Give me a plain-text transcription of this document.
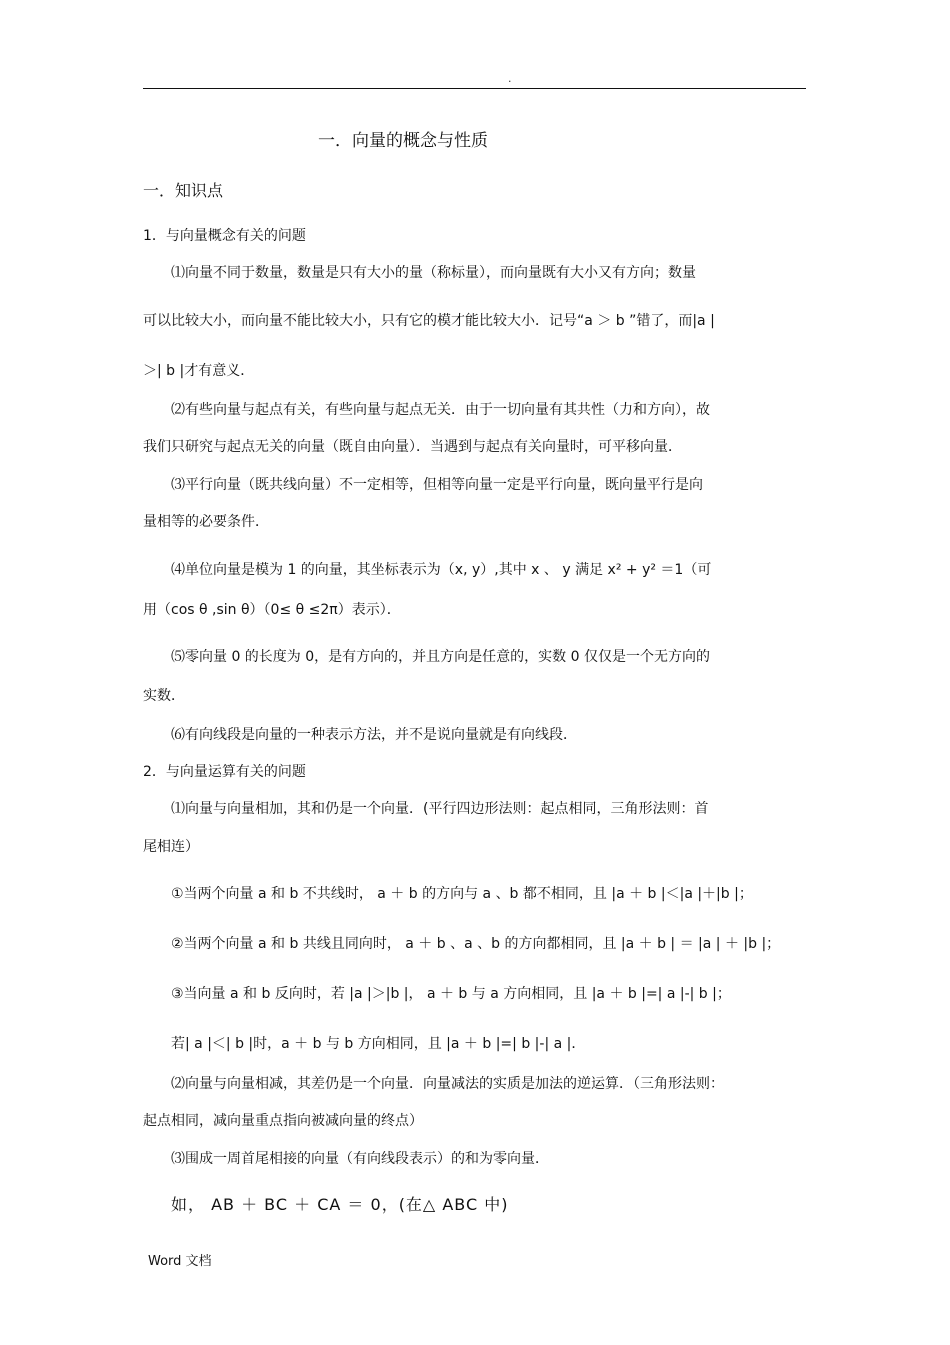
.
一．向量的概念与性质
一．知识点
1．与向量概念有关的问题
⑴向量不同于数量，数量是只有大小的量（称标量），而向量既有大小又有方向；数量
可以比较大小，而向量不能比较大小，只有它的模才能比较大小．记号“a ＞ b ”错了，而|a |
＞| b |才有意义．
⑵有些向量与起点有关，有些向量与起点无关．由于一切向量有其共性（力和方向），故
我们只研究与起点无关的向量（既自由向量）．当遇到与起点有关向量时，可平移向量．
⑶平行向量（既共线向量）不一定相等，但相等向量一定是平行向量，既向量平行是向
量相等的必要条件．
⑷单位向量是模为 1 的向量，其坐标表示为（x, y）,其中 x 、 y 满足 x² + y² ＝1（可
用（cos θ ,sin θ）（0≤ θ ≤2π）表示）．
⑸零向量 0 的长度为 0，是有方向的，并且方向是任意的，实数 0 仅仅是一个无方向的
实数．
⑹有向线段是向量的一种表示方法，并不是说向量就是有向线段．
2．与向量运算有关的问题
⑴向量与向量相加，其和仍是一个向量．(平行四边形法则：起点相同，三角形法则：首
尾相连）
①当两个向量 a 和 b 不共线时， a ＋ b 的方向与 a 、b 都不相同，且 |a ＋ b |＜|a |＋|b |；
②当两个向量 a 和 b 共线且同向时， a ＋ b 、a 、b 的方向都相同，且 |a ＋ b | ＝ |a | ＋ |b |；
③当向量 a 和 b 反向时，若 |a |＞|b |， a ＋ b 与 a 方向相同，且 |a ＋ b |=| a |-| b |；
若| a |＜| b |时，a ＋ b 与 b 方向相同，且 |a ＋ b |=| b |-| a |．
⑵向量与向量相减，其差仍是一个向量．向量减法的实质是加法的逆运算．（三角形法则：
起点相同，减向量重点指向被减向量的终点）
⑶围成一周首尾相接的向量（有向线段表示）的和为零向量．
如， AB ＋ BC ＋ CA ＝ 0，(在△ ABC 中)
Word 文档
